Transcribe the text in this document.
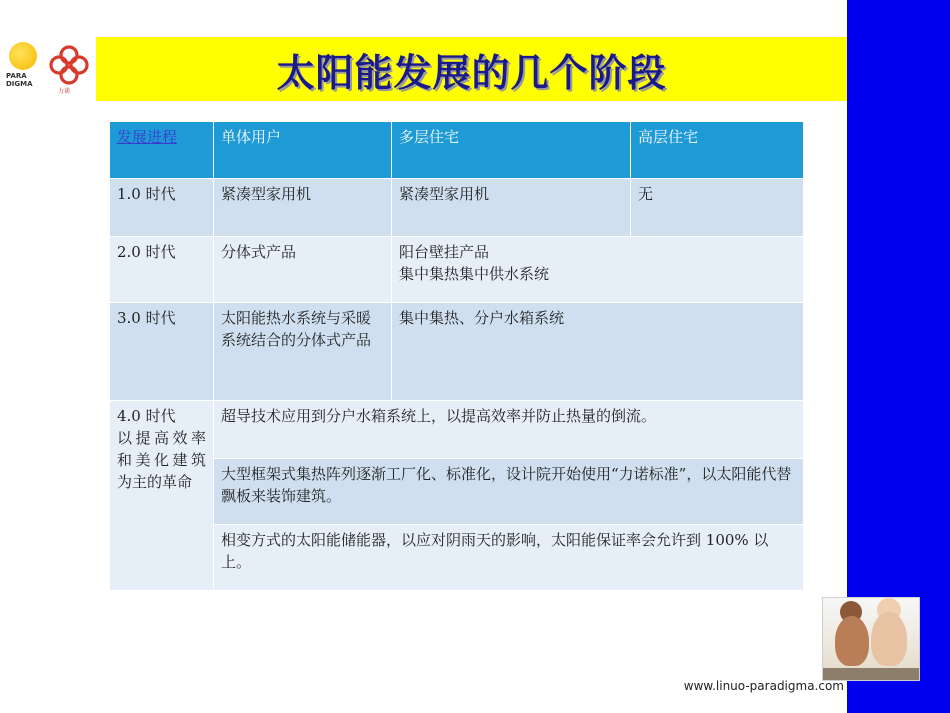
PARA
DIGMA
力诺	太阳能发展的几个阶段
发展进程	单体用户	多层住宅	高层住宅
1.0 时代	紧凑型家用机	紧凑型家用机	无
2.0 时代	分体式产品	阳台壁挂产品
集中集热集中供水系统	

3.0 时代	太阳能热水系统与采暖系统结合的分体式产品	集中集热、分户水箱系统	

4.0 时代
以提高效率和美化建筑为主的革命	超导技术应用到分户水箱系统上，以提高效率并防止热量的倒流。		
	大型框架式集热阵列逐渐工厂化、标准化，设计院开始使用“力诺标准”，以太阳能代替飘板来装饰建筑。		
	相变方式的太阳能储能器，以应对阴雨天的影响，太阳能保证率会允许到 100% 以上。		
www.linuo-paradigma.com
